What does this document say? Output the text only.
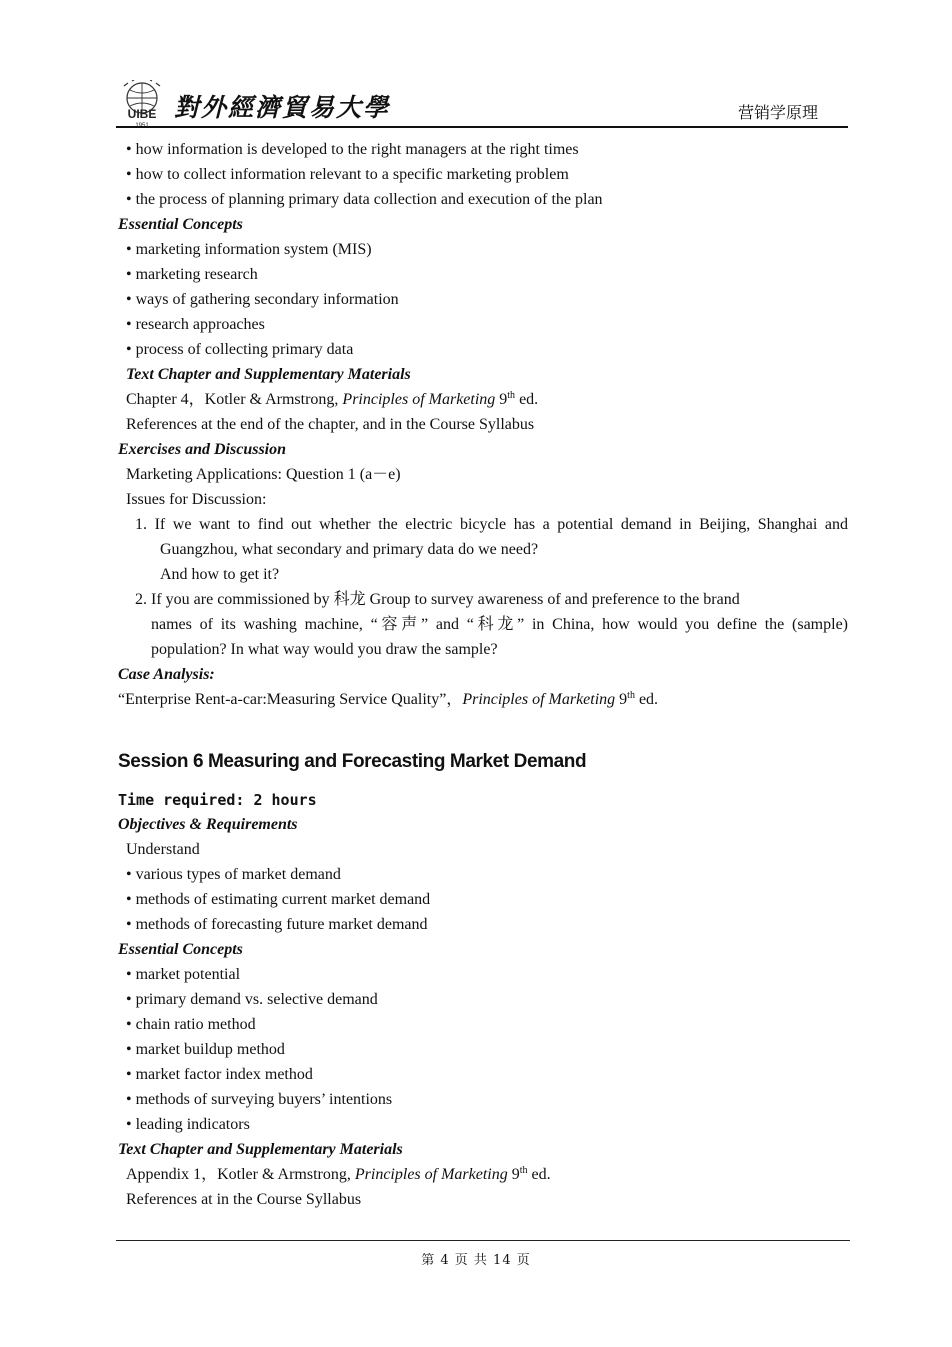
UIBE 對外經濟貿易大學	营销学原理
• how information is developed to the right managers at the right times
• how to collect information relevant to a specific marketing problem
• the process of planning primary data collection and execution of the plan
Essential Concepts
• marketing information system (MIS)
• marketing research
• ways of gathering secondary information
• research approaches
• process of collecting primary data
Text Chapter and Supplementary Materials
Chapter 4，Kotler & Armstrong, Principles of Marketing 9th ed.
References at the end of the chapter, and in the Course Syllabus
Exercises and Discussion
Marketing Applications: Question 1 (a－e)
Issues for Discussion:
1. If we want to find out whether the electric bicycle has a potential demand in Beijing, Shanghai and
Guangzhou, what secondary and primary data do we need?
And how to get it?
2. If you are commissioned by 科龙 Group to survey awareness of and preference to the brand
names of its washing machine, “容声” and “科龙” in China, how would you define the (sample)
population? In what way would you draw the sample?
Case Analysis:
“Enterprise Rent-a-car:Measuring Service Quality”，Principles of Marketing 9th ed.
Session 6 Measuring and Forecasting Market Demand
Time required: 2 hours
Objectives & Requirements
Understand
• various types of market demand
• methods of estimating current market demand
• methods of forecasting future market demand
Essential Concepts
• market potential
• primary demand vs. selective demand
• chain ratio method
• market buildup method
• market factor index method
• methods of surveying buyers’ intentions
• leading indicators
Text Chapter and Supplementary Materials
Appendix 1，Kotler & Armstrong, Principles of Marketing 9th ed.
References at in the Course Syllabus
第 4 页 共 14 页
